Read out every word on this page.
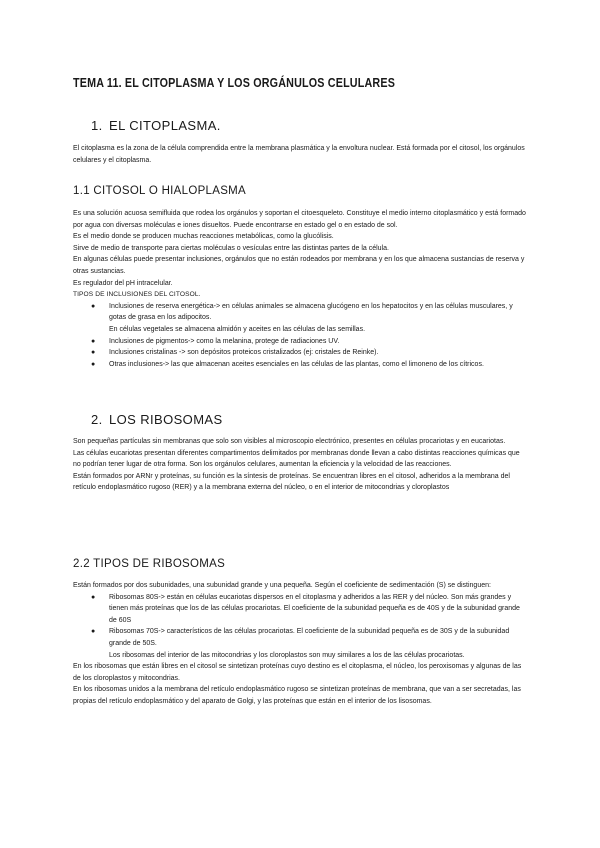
TEMA 11. EL CITOPLASMA Y LOS ORGÁNULOS CELULARES
1. EL CITOPLASMA.

El citoplasma es la zona de la célula comprendida entre la membrana plasmática y la envoltura nuclear. Está formada por el citosol, los orgánulos celulares y el citoplasma.

1.1 CITOSOL O HIALOPLASMA

Es una solución acuosa semifluida que rodea los orgánulos y soportan el citoesqueleto. Constituye el medio interno citoplasmático y está formado por agua con diversas moléculas e iones disueltos. Puede encontrarse en estado gel o en estado de sol.

Es el medio donde se producen muchas reacciones metabólicas, como la glucólisis.

Sirve de medio de transporte para ciertas moléculas o vesículas entre las distintas partes de la célula.

En algunas células puede presentar inclusiones, orgánulos que no están rodeados por membrana y en los que almacena sustancias de reserva y otras sustancias.

Es regulador del pH intracelular.

TIPOS DE INCLUSIONES DEL CITOSOL.

● Inclusiones de reserva energética-> en células animales se almacena glucógeno en los hepatocitos y en las células musculares, y gotas de grasa en los adipocitos.

En células vegetales se almacena almidón y aceites en las células de las semillas.

● Inclusiones de pigmentos-> como la melanina, protege de radiaciones UV.

● Inclusiones cristalinas -> son depósitos proteicos cristalizados (ej: cristales de Reinke).

● Otras inclusiones-> las que almacenan aceites esenciales en las células de las plantas, como el limoneno de los cítricos.

2. LOS RIBOSOMAS

Son pequeñas partículas sin membranas que solo son visibles al microscopio electrónico, presentes en células procariotas y en eucariotas.

Las células eucariotas presentan diferentes compartimentos delimitados por membranas donde llevan a cabo distintas reacciones químicas que no podrían tener lugar de otra forma. Son los orgánulos celulares, aumentan la eficiencia y la velocidad de las reacciones.

Están formados por ARNr y proteínas, su función es la síntesis de proteínas. Se encuentran libres en el citosol, adheridos a la membrana del retículo endoplasmático rugoso (RER) y a la membrana externa del núcleo, o en el interior de mitocondrias y cloroplastos

2.2 TIPOS DE RIBOSOMAS

Están formados por dos subunidades, una subunidad grande y una pequeña. Según el coeficiente de sedimentación (S) se distinguen:

● Ribosomas 80S-> están en células eucariotas dispersos en el citoplasma y adheridos a las RER y del núcleo. Son más grandes y tienen más proteínas que los de las células procariotas. El coeficiente de la subunidad pequeña es de 40S y de la subunidad grande de 60S

● Ribosomas 70S-> característicos de las células procariotas. El coeficiente de la subunidad pequeña es de 30S y de la subunidad grande de 50S.

Los ribosomas del interior de las mitocondrias y los cloroplastos son muy similares a los de las células procariotas.

En los ribosomas que están libres en el citosol se sintetizan proteínas cuyo destino es el citoplasma, el núcleo, los peroxisomas y algunas de las de los cloroplastos y mitocondrias.

En los ribosomas unidos a la membrana del retículo endoplasmático rugoso se sintetizan proteínas de membrana, que van a ser secretadas, las propias del retículo endoplasmático y del aparato de Golgi, y las proteínas que están en el interior de los lisosomas.
